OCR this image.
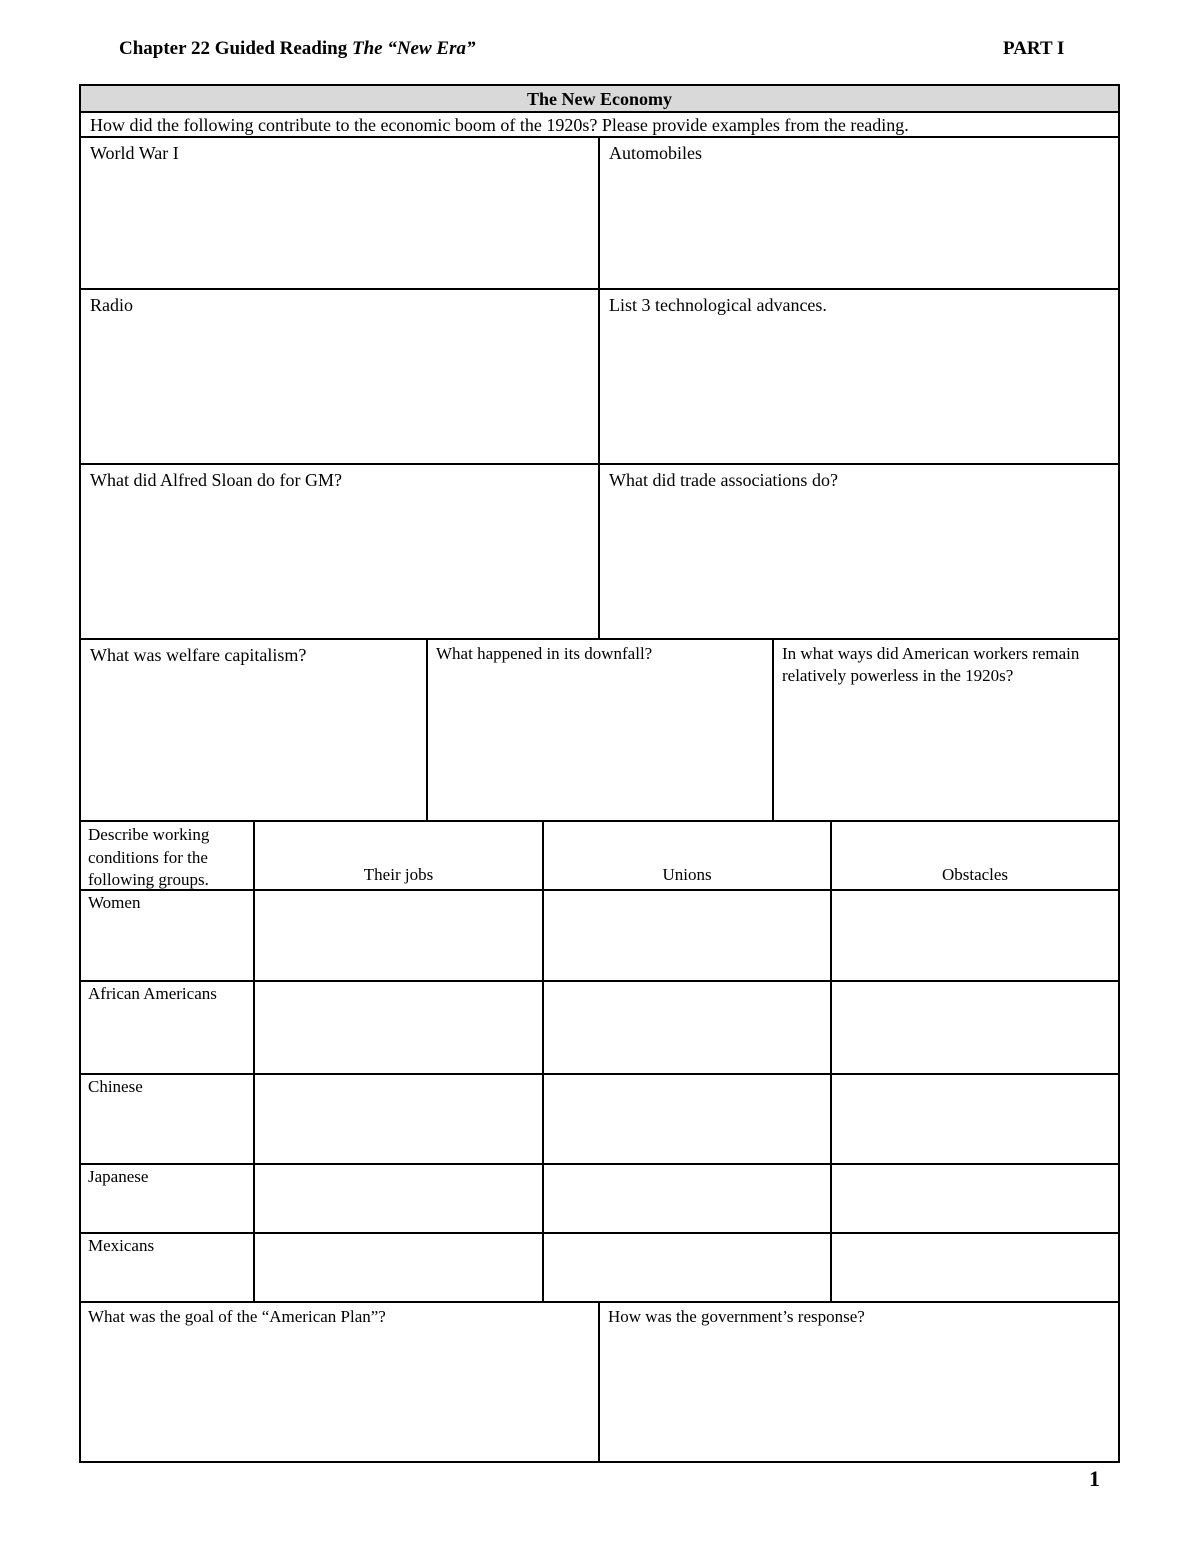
Chapter 22 Guided Reading The “New Era”	PART I
The New Economy
How did the following contribute to the economic boom of the 1920s? Please provide examples from the reading.
World War I	Automobiles
Radio	List 3 technological advances.
What did Alfred Sloan do for GM?	What did trade associations do?
What was welfare capitalism?	What happened in its downfall?	In what ways did American workers remain relatively powerless in the 1920s?
Describe working conditions for the following groups.	Their jobs	Unions	Obstacles
Women
African Americans
Chinese
Japanese
Mexicans
What was the goal of the “American Plan”?	How was the government’s response?
1
